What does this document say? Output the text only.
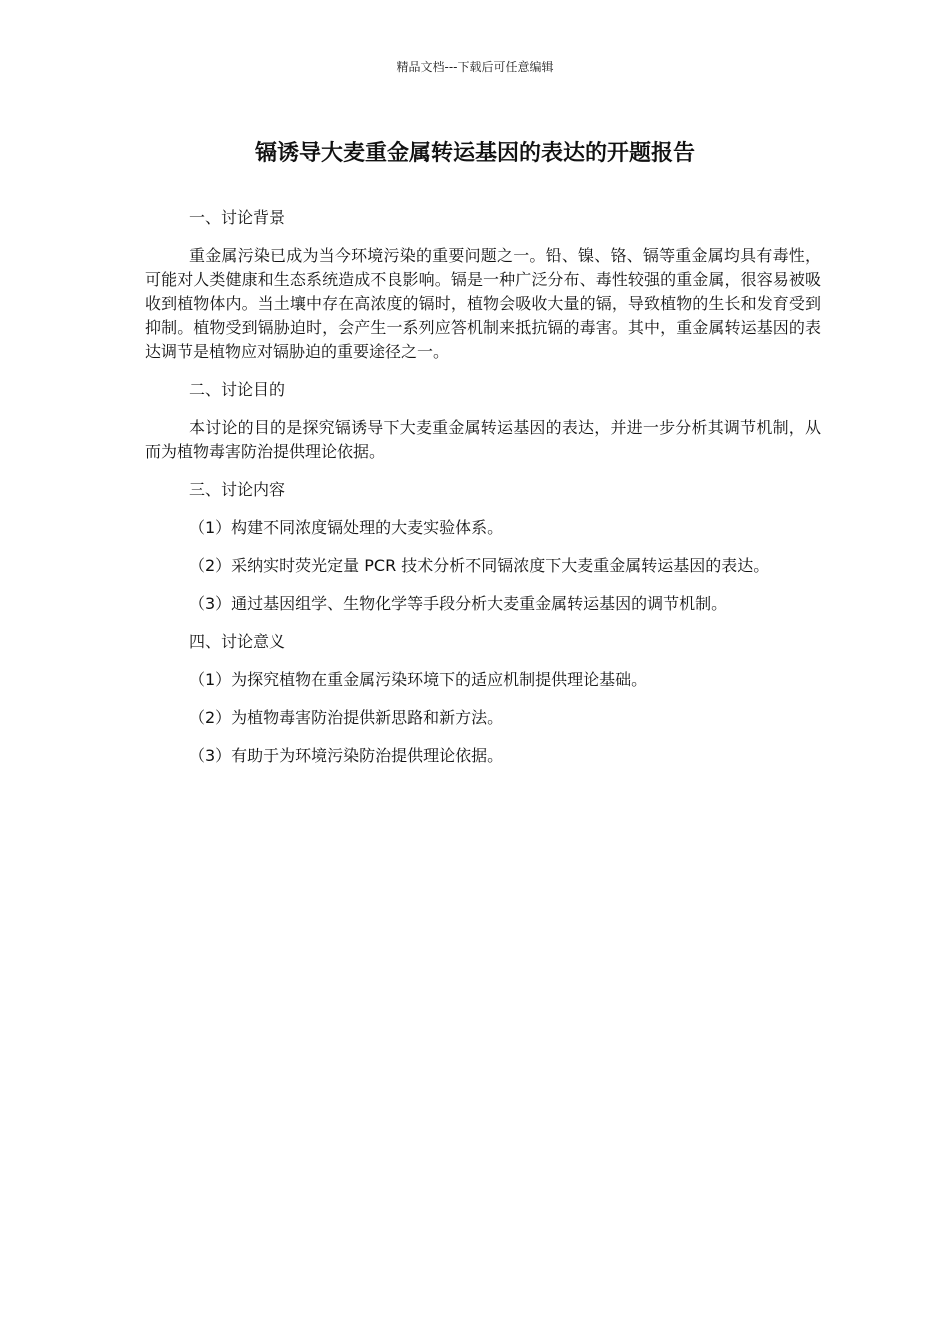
精品文档---下载后可任意编辑
镉诱导大麦重金属转运基因的表达的开题报告

一、讨论背景

重金属污染已成为当今环境污染的重要问题之一。铅、镍、铬、镉等重金属均具有毒性，可能对人类健康和生态系统造成不良影响。镉是一种广泛分布、毒性较强的重金属，很容易被吸收到植物体内。当土壤中存在高浓度的镉时，植物会吸收大量的镉，导致植物的生长和发育受到抑制。植物受到镉胁迫时，会产生一系列应答机制来抵抗镉的毒害。其中，重金属转运基因的表达调节是植物应对镉胁迫的重要途径之一。

二、讨论目的

本讨论的目的是探究镉诱导下大麦重金属转运基因的表达，并进一步分析其调节机制，从而为植物毒害防治提供理论依据。

三、讨论内容

（1）构建不同浓度镉处理的大麦实验体系。

（2）采纳实时荧光定量 PCR 技术分析不同镉浓度下大麦重金属转运基因的表达。

（3）通过基因组学、生物化学等手段分析大麦重金属转运基因的调节机制。

四、讨论意义

（1）为探究植物在重金属污染环境下的适应机制提供理论基础。

（2）为植物毒害防治提供新思路和新方法。

（3）有助于为环境污染防治提供理论依据。
